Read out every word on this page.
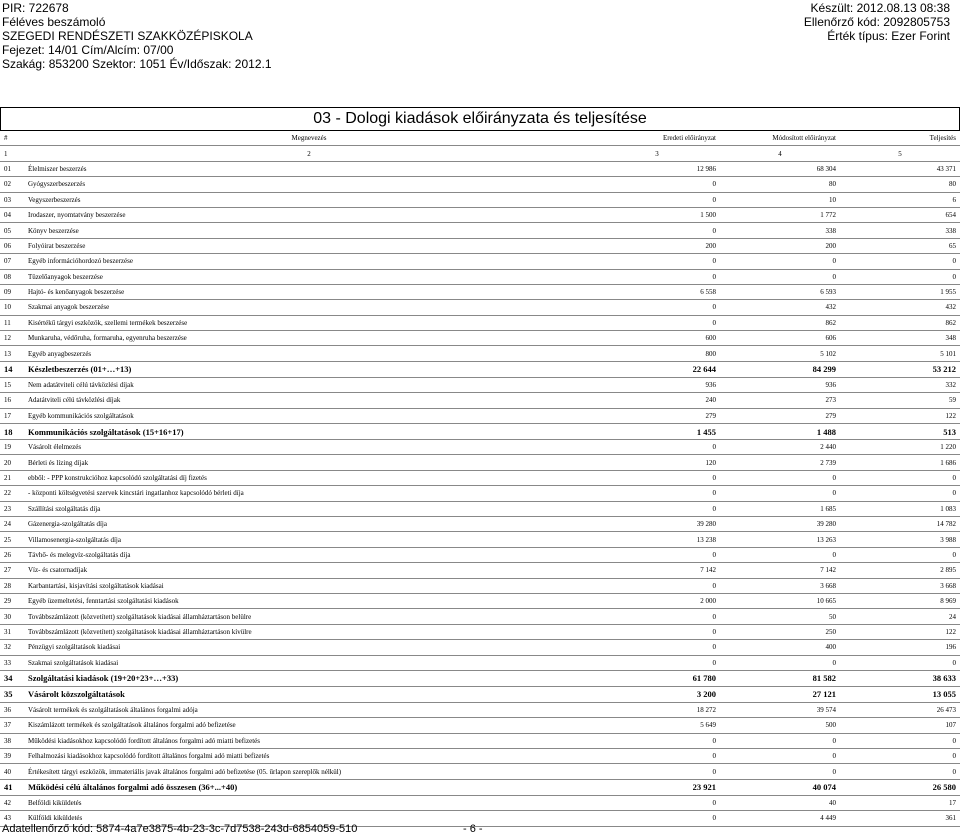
PIR: 722678
Féléves beszámoló
SZEGEDI RENDÉSZETI SZAKKÖZÉPISKOLA
Fejezet: 14/01 Cím/Alcím: 07/00
Szakág: 853200 Szektor: 1051 Év/Időszak: 2012.1
Készült: 2012.08.13 08:38
Ellenőrző kód: 2092805753
Érték típus: Ezer Forint
03 - Dologi kiadások előirányzata és teljesítése
#	Megnevezés	Eredeti előirányzat	Módosított előirányzat	Teljesítés
1	2	3	4	5
01	Élelmiszer beszerzés	12 986	68 304	43 371
02	Gyógyszerbeszerzés	0	80	80
03	Vegyszerbeszerzés	0	10	6
04	Irodaszer, nyomtatvány beszerzése	1 500	1 772	654
05	Könyv beszerzése	0	338	338
06	Folyóirat beszerzése	200	200	65
07	Egyéb információhordozó beszerzése	0	0	0
08	Tüzelőanyagok beszerzése	0	0	0
09	Hajtó- és kenőanyagok beszerzése	6 558	6 593	1 955
10	Szakmai anyagok beszerzése	0	432	432
11	Kisértékű tárgyi eszközök, szellemi termékek beszerzése	0	862	862
12	Munkaruha, védőruha, formaruha, egyenruha beszerzése	600	606	348
13	Egyéb anyagbeszerzés	800	5 102	5 101
14	Készletbeszerzés (01+…+13)	22 644	84 299	53 212
15	Nem adatátviteli célú távközlési díjak	936	936	332
16	Adatátviteli célú távközlési díjak	240	273	59
17	Egyéb kommunikációs szolgáltatások	279	279	122
18	Kommunikációs szolgáltatások (15+16+17)	1 455	1 488	513
19	Vásárolt élelmezés	0	2 440	1 220
20	Bérleti és lízing díjak	120	2 739	1 686
21	ebből: - PPP konstrukcióhoz kapcsolódó szolgáltatási díj fizetés	0	0	0
22	- központi költségvetési szervek kincstári ingatlanhoz kapcsolódó bérleti díja	0	0	0
23	Szállítási szolgáltatás díja	0	1 685	1 083
24	Gázenergia-szolgáltatás díja	39 280	39 280	14 782
25	Villamosenergia-szolgáltatás díja	13 238	13 263	3 988
26	Távhő- és melegvíz-szolgáltatás díja	0	0	0
27	Víz- és csatornadíjak	7 142	7 142	2 895
28	Karbantartási, kisjavítási szolgáltatások kiadásai	0	3 668	3 668
29	Egyéb üzemeltetési, fenntartási szolgáltatási kiadások	2 000	10 665	8 969
30	Továbbszámlázott (közvetített) szolgáltatások kiadásai államháztartáson belülre	0	50	24
31	Továbbszámlázott (közvetített) szolgáltatások kiadásai államháztartáson kívülre	0	250	122
32	Pénzügyi szolgáltatások kiadásai	0	400	196
33	Szakmai szolgáltatások kiadásai	0	0	0
34	Szolgáltatási kiadások (19+20+23+…+33)	61 780	81 582	38 633
35	Vásárolt közszolgáltatások	3 200	27 121	13 055
36	Vásárolt termékek és szolgáltatások általános forgalmi adója	18 272	39 574	26 473
37	Kiszámlázott termékek és szolgáltatások általános forgalmi adó befizetése	5 649	500	107
38	Működési kiadásokhoz kapcsolódó fordított általános forgalmi adó miatti befizetés	0	0	0
39	Felhalmozási kiadásokhoz kapcsolódó fordított általános forgalmi adó miatti befizetés	0	0	0
40	Értékesített tárgyi eszközök, immateriális javak általános forgalmi adó befizetése (05. űrlapon szereplők nélkül)	0	0	0
41	Működési célú általános forgalmi adó összesen (36+...+40)	23 921	40 074	26 580
42	Belföldi kiküldetés	0	40	17
43	Külföldi kiküldetés	0	4 449	361
Adatellenőrző kód: 5874-4a7e3875-4b-23-3c-7d7538-243d-6854059-510	- 6 -
